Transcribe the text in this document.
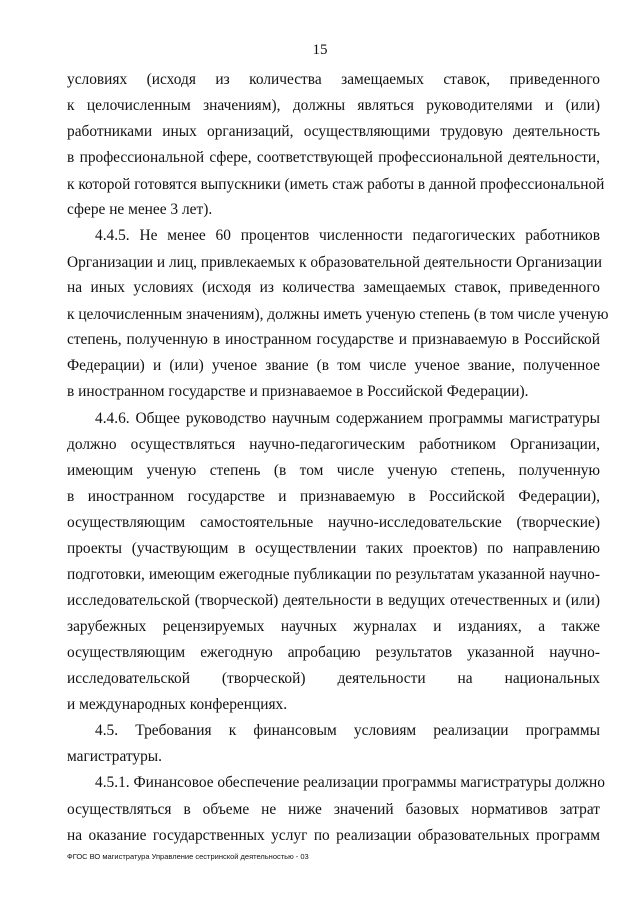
15
условиях (исходя из количества замещаемых ставок, приведенного
к целочисленным значениям), должны являться руководителями и (или)
работниками иных организаций, осуществляющими трудовую деятельность
в профессиональной сфере, соответствующей профессиональной деятельности,
к которой готовятся выпускники (иметь стаж работы в данной профессиональной
сфере не менее 3 лет).
4.4.5. Не менее 60 процентов численности педагогических работников
Организации и лиц, привлекаемых к образовательной деятельности Организации
на иных условиях (исходя из количества замещаемых ставок, приведенного
к целочисленным значениям), должны иметь ученую степень (в том числе ученую
степень, полученную в иностранном государстве и признаваемую в Российской
Федерации) и (или) ученое звание (в том числе ученое звание, полученное
в иностранном государстве и признаваемое в Российской Федерации).
4.4.6. Общее руководство научным содержанием программы магистратуры
должно осуществляться научно-педагогическим работником Организации,
имеющим ученую степень (в том числе ученую степень, полученную
в иностранном государстве и признаваемую в Российской Федерации),
осуществляющим самостоятельные научно-исследовательские (творческие)
проекты (участвующим в осуществлении таких проектов) по направлению
подготовки, имеющим ежегодные публикации по результатам указанной научно-
исследовательской (творческой) деятельности в ведущих отечественных и (или)
зарубежных рецензируемых научных журналах и изданиях, а также
осуществляющим ежегодную апробацию результатов указанной научно-
исследовательской (творческой) деятельности на национальных
и международных конференциях.
4.5. Требования к финансовым условиям реализации программы
магистратуры.
4.5.1. Финансовое обеспечение реализации программы магистратуры должно
осуществляться в объеме не ниже значений базовых нормативов затрат
на оказание государственных услуг по реализации образовательных программ
ФГОС ВО магистратура Управление сестринской деятельностью - 03
